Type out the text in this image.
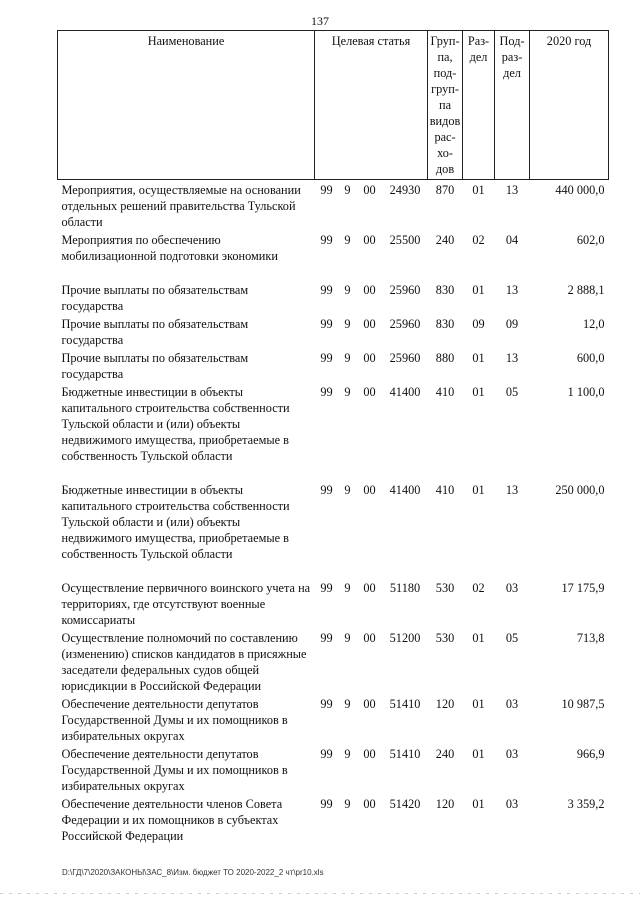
137
Наименование	Целевая статья				Груп-па, под-груп-па видов рас-хо-дов	Раз-дел	Под-раз-дел	2020 год
Мероприятия, осуществляемые на основании отдельных решений правительства Тульской области	99	9	00	24930	870	01	13	440 000,0
Мероприятия по обеспечению мобилизационной подготовки экономики	99	9	00	25500	240	02	04	602,0

Прочие выплаты по обязательствам государства	99	9	00	25960	830	01	13	2 888,1
Прочие выплаты по обязательствам государства	99	9	00	25960	830	09	09	12,0
Прочие выплаты по обязательствам государства	99	9	00	25960	880	01	13	600,0
Бюджетные инвестиции в объекты капитального строительства собственности Тульской области и (или) объекты недвижимого имущества, приобретаемые в собственность Тульской области	99	9	00	41400	410	01	05	1 100,0

Бюджетные инвестиции в объекты капитального строительства собственности Тульской области и (или) объекты недвижимого имущества, приобретаемые в собственность Тульской области	99	9	00	41400	410	01	13	250 000,0

Осуществление первичного воинского учета на территориях, где отсутствуют военные комиссариаты	99	9	00	51180	530	02	03	17 175,9
Осуществление полномочий по составлению (изменению) списков кандидатов в присяжные заседатели федеральных судов общей юрисдикции в Российской Федерации	99	9	00	51200	530	01	05	713,8
Обеспечение деятельности депутатов Государственной Думы и их помощников в избирательных округах	99	9	00	51410	120	01	03	10 987,5
Обеспечение деятельности депутатов Государственной Думы и их помощников в избирательных округах	99	9	00	51410	240	01	03	966,9
Обеспечение деятельности членов Совета Федерации и их помощников в субъектах Российской Федерации	99	9	00	51420	120	01	03	3 359,2
D:\ГД\7\2020\ЗАКОНЫ\ЗАС_8\Изм. бюджет ТО 2020-2022_2 чт\pr10.xls
